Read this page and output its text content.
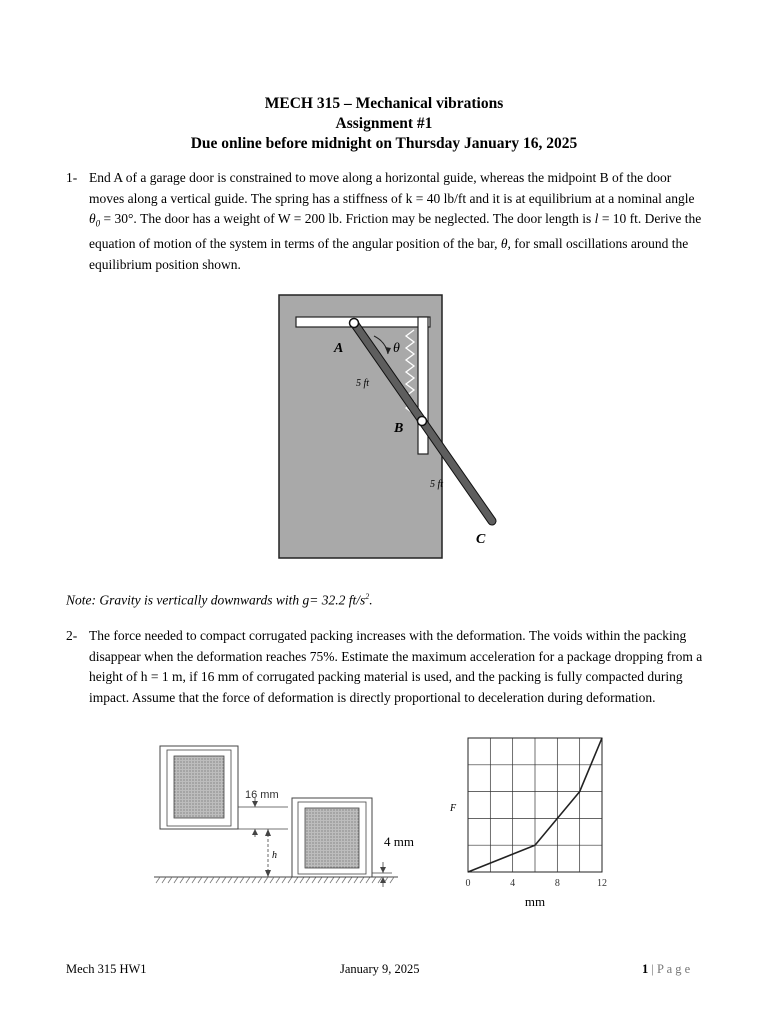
MECH 315 – Mechanical vibrations
Assignment #1
Due online before midnight on Thursday January 16, 2025
1- End A of a garage door is constrained to move along a horizontal guide, whereas the midpoint B of the door moves along a vertical guide. The spring has a stiffness of k = 40 lb/ft and it is at equilibrium at a nominal angle $\theta_0 = 30^\circ$. The door has a weight of W = 200 lb. Friction may be neglected. The door length is l = 10 ft. Derive the equation of motion of the system in terms of the angular position of the bar, θ, for small oscillations around the equilibrium position shown.
A	θ
5 ft
B
5 ft
C
Note: Gravity is vertically downwards with g= 32.2 $ft/s^2$.
2- The force needed to compact corrugated packing increases with the deformation. The voids within the packing disappear when the deformation reaches 75%. Estimate the maximum acceleration for a package dropping from a height of h = 1 m, if 16 mm of corrugated packing material is used, and the packing is fully compacted during impact. Assume that the force of deformation is directly proportional to deceleration during deformation.
16 mm
h
4 mm
0	4	8	12
F
mm
Mech 315 HW1	January 9, 2025	1 | P a g e
